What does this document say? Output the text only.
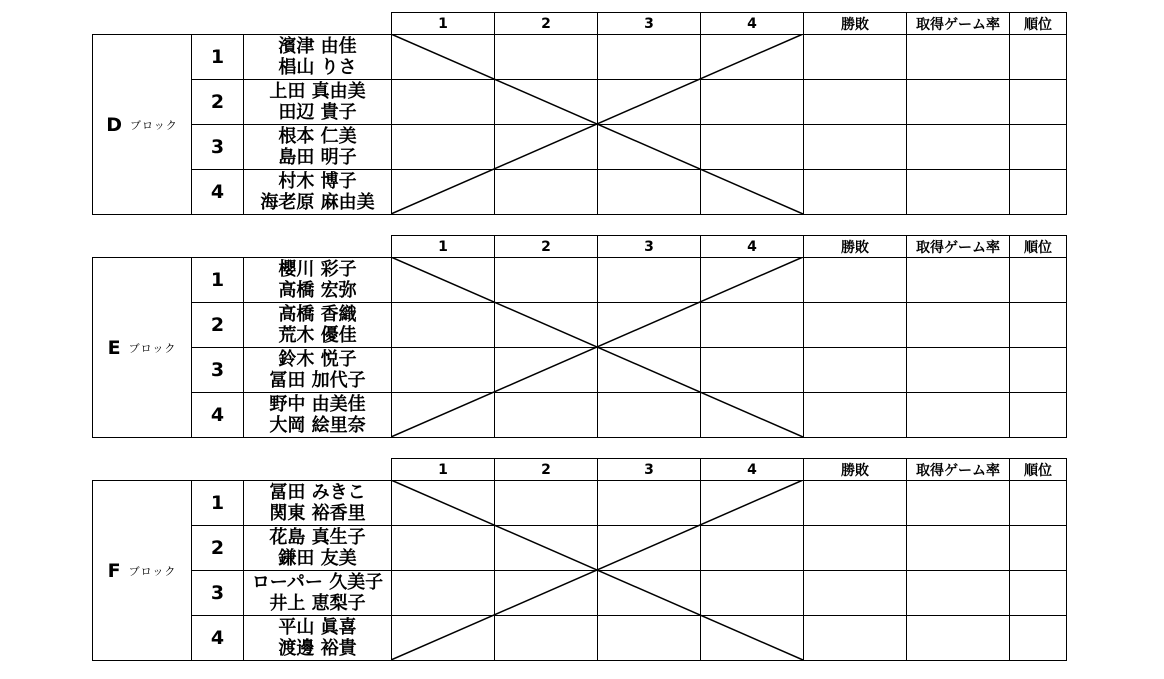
1	2	3	4	勝敗	取得ゲーム率	順位
D ブロック
1	濱津 由佳
椙山 りさ
2	上田 真由美
田辺 貴子
3	根本 仁美
島田 明子
4	村木 博子
海老原 麻由美
1	2	3	4	勝敗	取得ゲーム率	順位
E ブロック
1	櫻川 彩子
高橋 宏弥
2	高橋 香織
荒木 優佳
3	鈴木 悦子
冨田 加代子
4	野中 由美佳
大岡 絵里奈
1	2	3	4	勝敗	取得ゲーム率	順位
F ブロック
1	冨田 みきこ
関東 裕香里
2	花島 真生子
鎌田 友美
3	ローパー 久美子
井上 恵梨子
4	平山 眞喜
渡邊 裕貴
